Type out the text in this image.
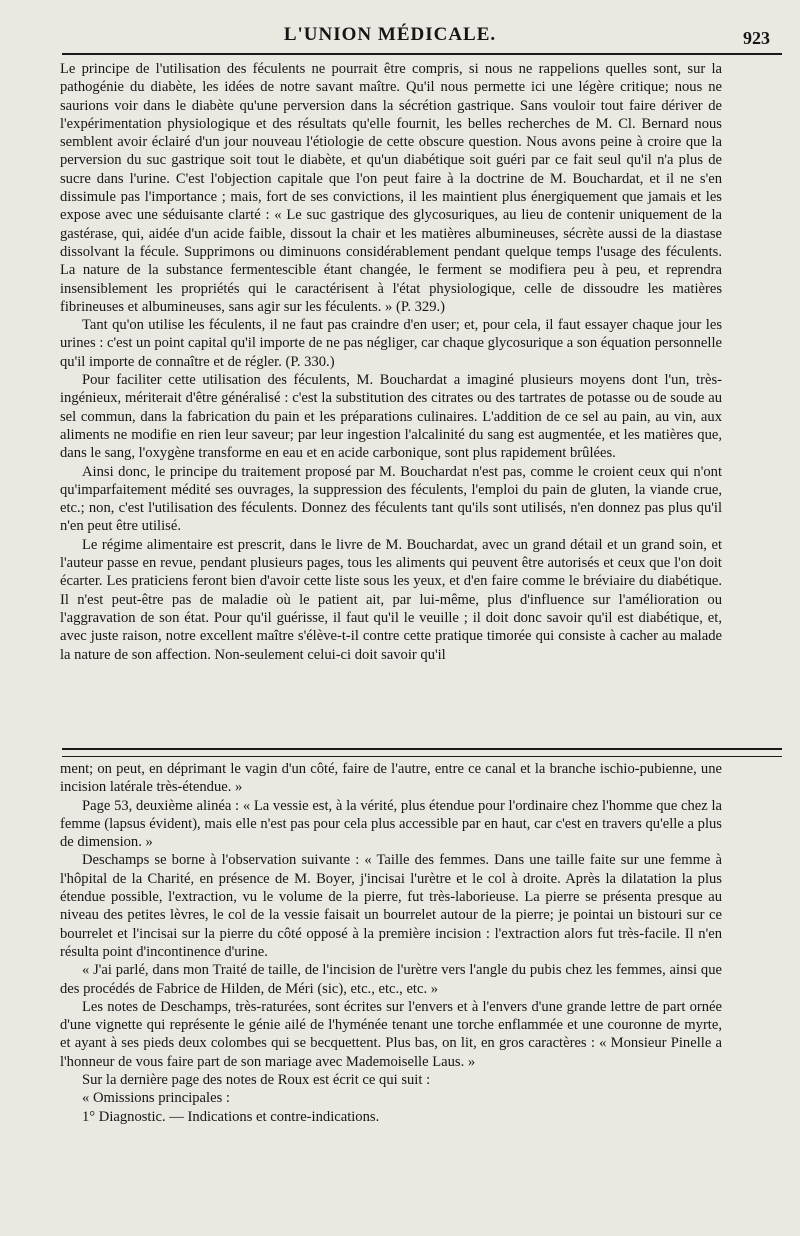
L'UNION MÉDICALE.	923

Le principe de l'utilisation des féculents ne pourrait être compris, si nous ne rappelions quelles sont, sur la pathogénie du diabète, les idées de notre savant maître. Qu'il nous permette ici une légère critique; nous ne saurions voir dans le diabète qu'une perversion dans la sécrétion gastrique. Sans vouloir tout faire dériver de l'expérimentation physiologique et des résultats qu'elle fournit, les belles recherches de M. Cl. Bernard nous semblent avoir éclairé d'un jour nouveau l'étiologie de cette obscure question. Nous avons peine à croire que la perversion du suc gastrique soit tout le diabète, et qu'un diabétique soit guéri par ce fait seul qu'il n'a plus de sucre dans l'urine. C'est l'objection capitale que l'on peut faire à la doctrine de M. Bouchardat, et il ne s'en dissimule pas l'importance ; mais, fort de ses convictions, il les maintient plus énergiquement que jamais et les expose avec une séduisante clarté : « Le suc gastrique des glycosuriques, au lieu de contenir uniquement de la gastérase, qui, aidée d'un acide faible, dissout la chair et les matières albumineuses, sécrète aussi de la diastase dissolvant la fécule. Supprimons ou diminuons considérablement pendant quelque temps l'usage des féculents. La nature de la substance fermentescible étant changée, le ferment se modifiera peu à peu, et reprendra insensiblement les propriétés qui le caractérisent à l'état physiologique, celle de dissoudre les matières fibrineuses et albumineuses, sans agir sur les féculents. » (P. 329.)

Tant qu'on utilise les féculents, il ne faut pas craindre d'en user; et, pour cela, il faut essayer chaque jour les urines : c'est un point capital qu'il importe de ne pas négliger, car chaque glycosurique a son équation personnelle qu'il importe de connaître et de régler. (P. 330.)

Pour faciliter cette utilisation des féculents, M. Bouchardat a imaginé plusieurs moyens dont l'un, très-ingénieux, mériterait d'être généralisé : c'est la substitution des citrates ou des tartrates de potasse ou de soude au sel commun, dans la fabrication du pain et les préparations culinaires. L'addition de ce sel au pain, au vin, aux aliments ne modifie en rien leur saveur; par leur ingestion l'alcalinité du sang est augmentée, et les matières que, dans le sang, l'oxygène transforme en eau et en acide carbonique, sont plus rapidement brûlées.

Ainsi donc, le principe du traitement proposé par M. Bouchardat n'est pas, comme le croient ceux qui n'ont qu'imparfaitement médité ses ouvrages, la suppression des féculents, l'emploi du pain de gluten, la viande crue, etc.; non, c'est l'utilisation des féculents. Donnez des féculents tant qu'ils sont utilisés, n'en donnez pas plus qu'il n'en peut être utilisé.

Le régime alimentaire est prescrit, dans le livre de M. Bouchardat, avec un grand détail et un grand soin, et l'auteur passe en revue, pendant plusieurs pages, tous les aliments qui peuvent être autorisés et ceux que l'on doit écarter. Les praticiens feront bien d'avoir cette liste sous les yeux, et d'en faire comme le bréviaire du diabétique. Il n'est peut-être pas de maladie où le patient ait, par lui-même, plus d'influence sur l'amélioration ou l'aggravation de son état. Pour qu'il guérisse, il faut qu'il le veuille ; il doit donc savoir qu'il est diabétique, et, avec juste raison, notre excellent maître s'élève-t-il contre cette pratique timorée qui consiste à cacher au malade la nature de son affection. Non-seulement celui-ci doit savoir qu'il

ment; on peut, en déprimant le vagin d'un côté, faire de l'autre, entre ce canal et la branche ischio-pubienne, une incision latérale très-étendue. »

Page 53, deuxième alinéa : « La vessie est, à la vérité, plus étendue pour l'ordinaire chez l'homme que chez la femme (lapsus évident), mais elle n'est pas pour cela plus accessible par en haut, car c'est en travers qu'elle a plus de dimension. »

Deschamps se borne à l'observation suivante : « Taille des femmes. Dans une taille faite sur une femme à l'hôpital de la Charité, en présence de M. Boyer, j'incisai l'urètre et le col à droite. Après la dilatation la plus étendue possible, l'extraction, vu le volume de la pierre, fut très-laborieuse. La pierre se présenta presque au niveau des petites lèvres, le col de la vessie faisait un bourrelet autour de la pierre; je pointai un bistouri sur ce bourrelet et l'incisai sur la pierre du côté opposé à la première incision : l'extraction alors fut très-facile. Il n'en résulta point d'incontinence d'urine.

« J'ai parlé, dans mon Traité de taille, de l'incision de l'urètre vers l'angle du pubis chez les femmes, ainsi que des procédés de Fabrice de Hilden, de Méri (sic), etc., etc., etc. »

Les notes de Deschamps, très-raturées, sont écrites sur l'envers et à l'envers d'une grande lettre de part ornée d'une vignette qui représente le génie ailé de l'hyménée tenant une torche enflammée et une couronne de myrte, et ayant à ses pieds deux colombes qui se becquettent. Plus bas, on lit, en gros caractères : « Monsieur Pinelle a l'honneur de vous faire part de son mariage avec Mademoiselle Laus. »

Sur la dernière page des notes de Roux est écrit ce qui suit :

« Omissions principales :

1° Diagnostic. — Indications et contre-indications.
